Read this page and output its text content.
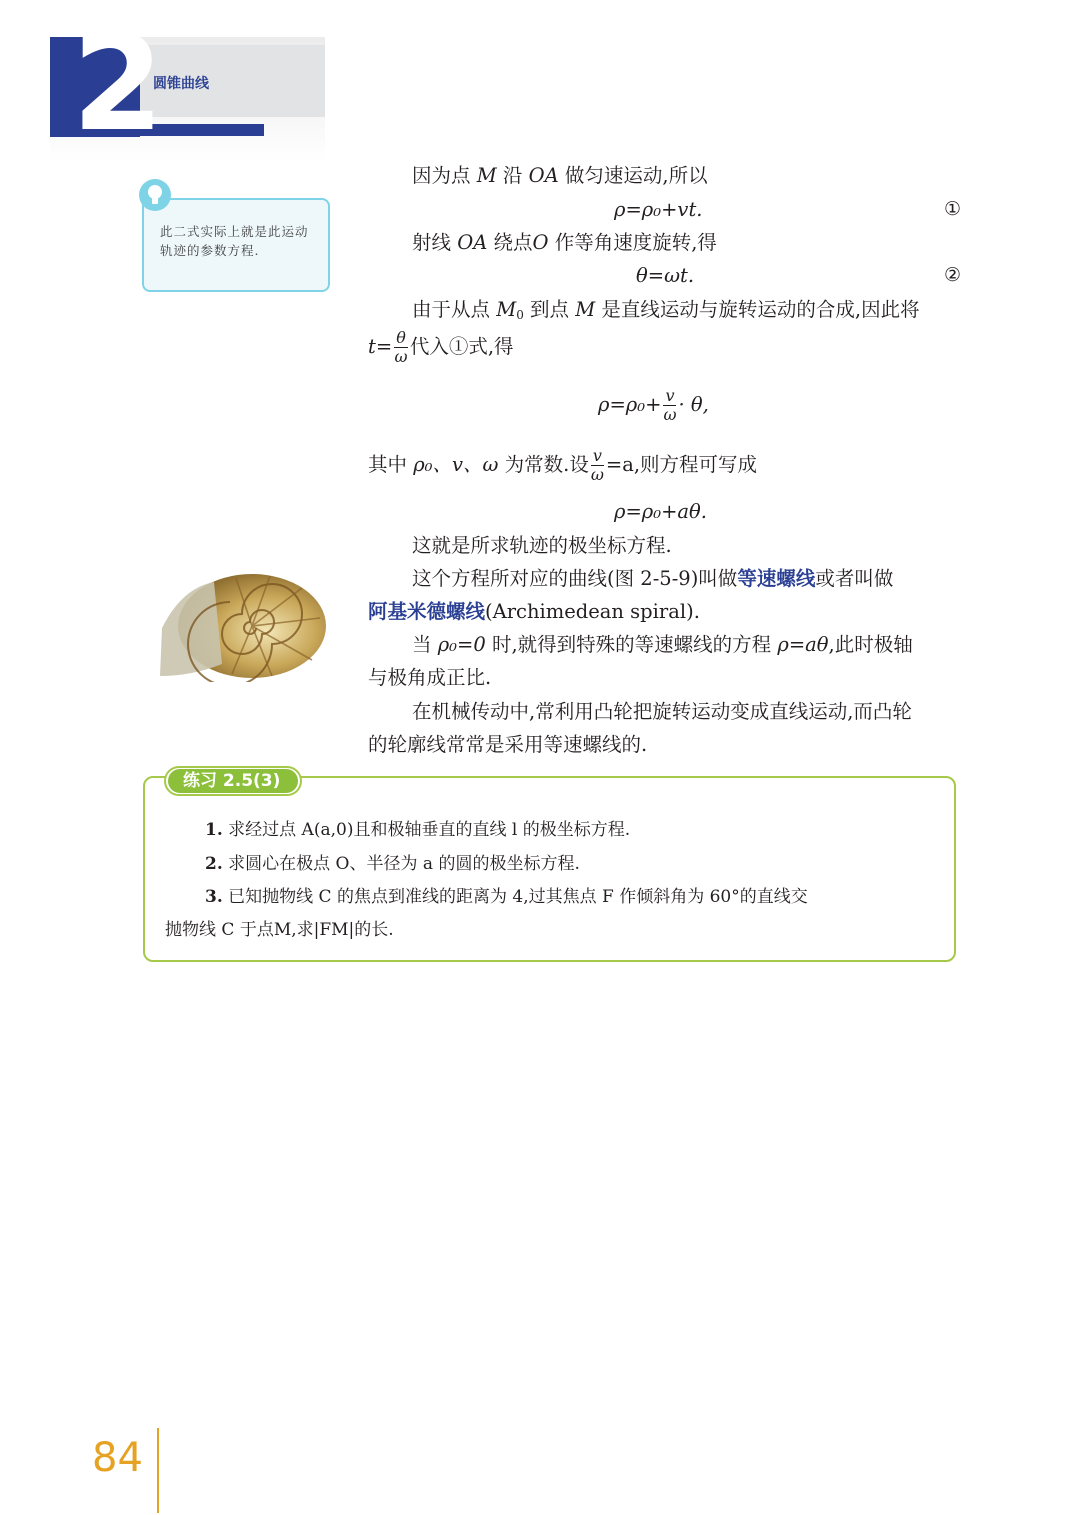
2
圆锥曲线
此二式实际上就是此运动轨迹的参数方程.
因为点 M 沿 OA 做匀速运动,所以
ρ=ρ₀+vt.	①
射线 OA 绕点O 作等角速度旋转,得
θ=ωt.	②
由于从点 $M_0$ 到点 M 是直线运动与旋转运动的合成,因此将
$t= \frac{\theta}{\omega}$ 代入①式,得
$\rho=\rho_0+ \frac{v}{\omega} \cdot \theta$,
其中 ρ₀、v、ω 为常数.设 $\frac{v}{\omega} =a$,则方程可写成
ρ=ρ₀+aθ.
这就是所求轨迹的极坐标方程.
这个方程所对应的曲线(图 2-5-9)叫做等速螺线或者叫做
阿基米德螺线(Archimedean spiral).
当 ρ₀=0 时,就得到特殊的等速螺线的方程 ρ=aθ,此时极轴
与极角成正比.
在机械传动中,常利用凸轮把旋转运动变成直线运动,而凸轮
的轮廓线常常是采用等速螺线的.
练习 2.5(3)
1. 求经过点 A(a,0)且和极轴垂直的直线 l 的极坐标方程.
2. 求圆心在极点 O、半径为 a 的圆的极坐标方程.
3. 已知抛物线 C 的焦点到准线的距离为 4,过其焦点 F 作倾斜角为 60°的直线交
抛物线 C 于点M,求|FM|的长.
84
